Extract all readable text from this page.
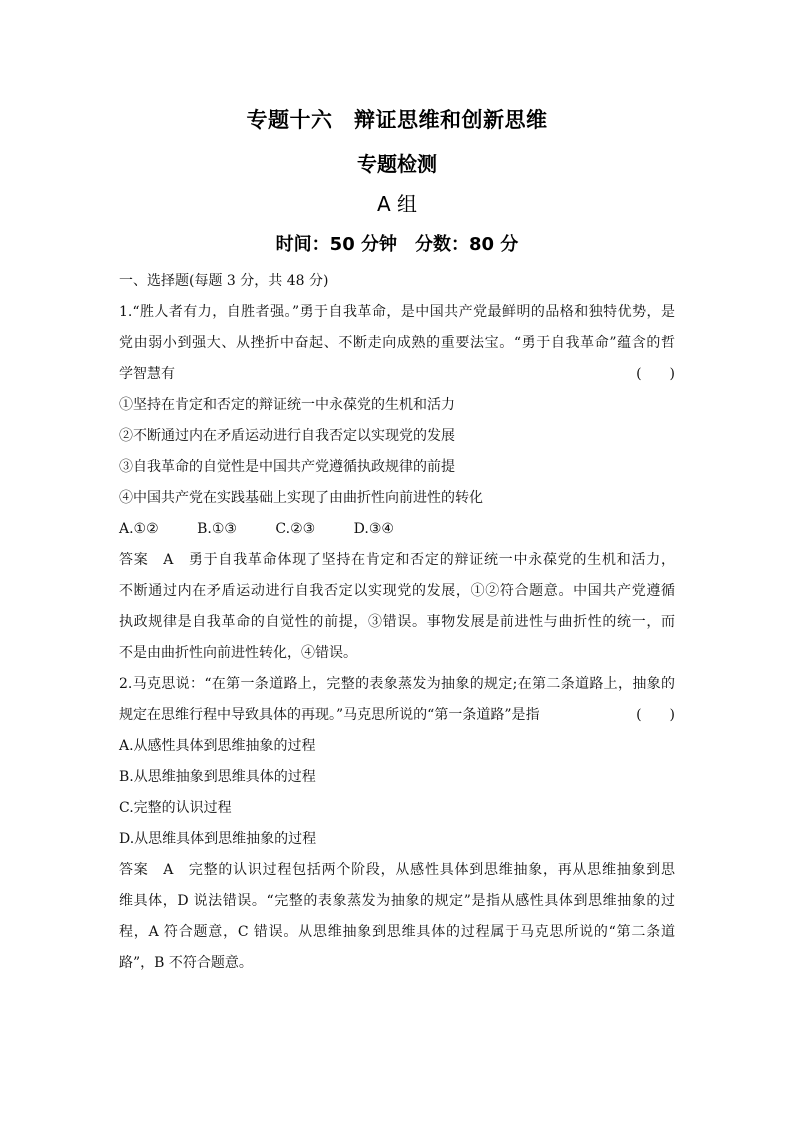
专题十六　辩证思维和创新思维
专题检测
A 组
时间：50 分钟　分数：80 分
一、选择题(每题 3 分，共 48 分)
1.“胜人者有力，自胜者强。”勇于自我革命，是中国共产党最鲜明的品格和独特优势，是
党由弱小到强大、从挫折中奋起、不断走向成熟的重要法宝。“勇于自我革命”蕴含的哲
学智慧有	(　　)
①坚持在肯定和否定的辩证统一中永葆党的生机和活力
②不断通过内在矛盾运动进行自我否定以实现党的发展
③自我革命的自觉性是中国共产党遵循执政规律的前提
④中国共产党在实践基础上实现了由曲折性向前进性的转化
A.①②	B.①③	C.②③	D.③④
答案　A　勇于自我革命体现了坚持在肯定和否定的辩证统一中永葆党的生机和活力，
不断通过内在矛盾运动进行自我否定以实现党的发展，①②符合题意。中国共产党遵循
执政规律是自我革命的自觉性的前提，③错误。事物发展是前进性与曲折性的统一，而
不是由曲折性向前进性转化，④错误。
2.马克思说：“在第一条道路上，完整的表象蒸发为抽象的规定;在第二条道路上，抽象的
规定在思维行程中导致具体的再现。”马克思所说的“第一条道路”是指	(　　)
A.从感性具体到思维抽象的过程
B.从思维抽象到思维具体的过程
C.完整的认识过程
D.从思维具体到思维抽象的过程
答案　A　完整的认识过程包括两个阶段，从感性具体到思维抽象，再从思维抽象到思
维具体，D 说法错误。“完整的表象蒸发为抽象的规定”是指从感性具体到思维抽象的过
程，A 符合题意，C 错误。从思维抽象到思维具体的过程属于马克思所说的“第二条道
路”，B 不符合题意。
